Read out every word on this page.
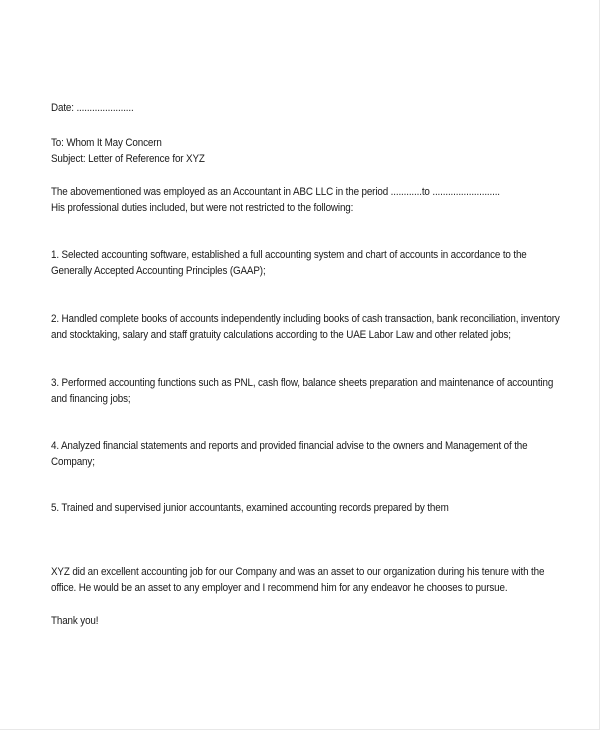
Date: ......................

To: Whom It May Concern

Subject: Letter of Reference for XYZ

The abovementioned was employed as an Accountant in ABC LLC in the period ............to ..........................

His professional duties included, but were not restricted to the following:

1. Selected accounting software, established a full accounting system and chart of accounts in accordance to the

Generally Accepted Accounting Principles (GAAP);

2. Handled complete books of accounts independently including books of cash transaction, bank reconciliation, inventory

and stocktaking, salary and staff gratuity calculations according to the UAE Labor Law and other related jobs;

3. Performed accounting functions such as PNL, cash flow, balance sheets preparation and maintenance of accounting

and financing jobs;

4. Analyzed financial statements and reports and provided financial advise to the owners and Management of the

Company;

5. Trained and supervised junior accountants, examined accounting records prepared by them

XYZ did an excellent accounting job for our Company and was an asset to our organization during his tenure with the

office. He would be an asset to any employer and I recommend him for any endeavor he chooses to pursue.

Thank you!
